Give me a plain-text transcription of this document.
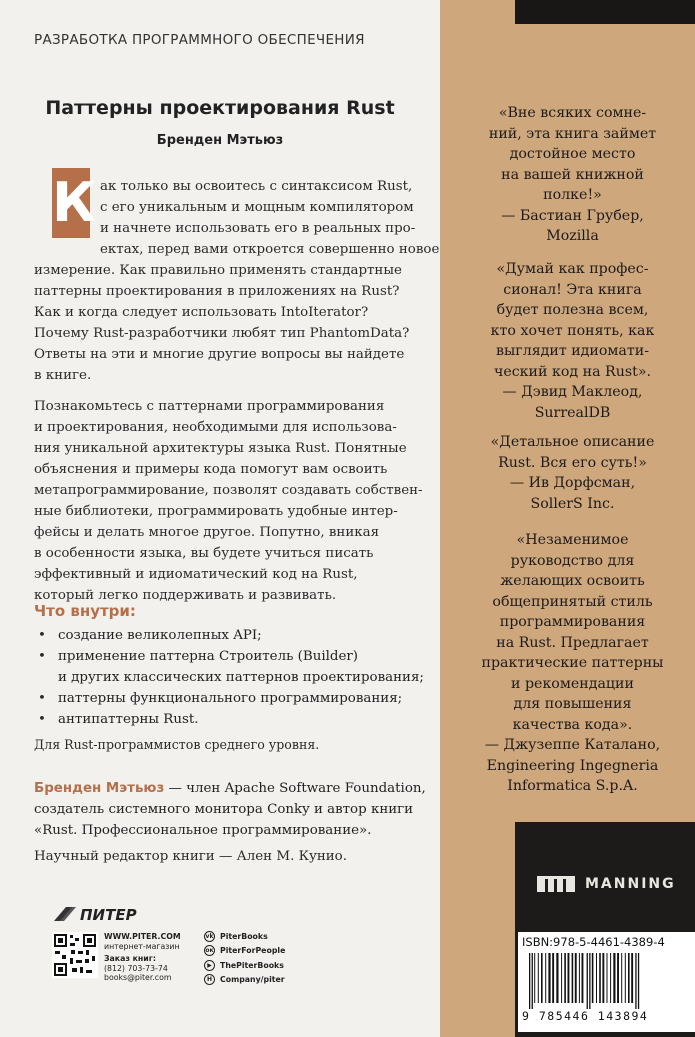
РАЗРАБОТКА ПРОГРАММНОГО ОБЕСПЕЧЕНИЯ
Паттерны проектирования Rust
Бренден Мэтьюз
К ак только вы освоитесь с синтаксисом Rust,
с его уникальным и мощным компилятором
и начнете использовать его в реальных про-
ектах, перед вами откроется совершенно новое
измерение. Как правильно применять стандартные
паттерны проектирования в приложениях на Rust?
Как и когда следует использовать IntoIterator?
Почему Rust-разработчики любят тип PhantomData?
Ответы на эти и многие другие вопросы вы найдете
в книге.
Познакомьтесь с паттернами программирования
и проектирования, необходимыми для использова-
ния уникальной архитектуры языка Rust. Понятные
объяснения и примеры кода помогут вам освоить
метапрограммирование, позволят создавать собствен-
ные библиотеки, программировать удобные интер-
фейсы и делать многое другое. Попутно, вникая
в особенности языка, вы будете учиться писать
эффективный и идиоматический код на Rust,
который легко поддерживать и развивать.
Что внутри:
• создание великолепных API;
• применение паттерна Строитель (Builder)
и других классических паттернов проектирования;
• паттерны функционального программирования;
• антипаттерны Rust.
Для Rust-программистов среднего уровня.
Бренден Мэтьюз — член Apache Software Foundation,
создатель системного монитора Conky и автор книги
«Rust. Профессиональное программирование».
Научный редактор книги — Ален М. Кунио.
ПИТЕР
WWW.PITER.COM
интернет-магазин
Заказ книг:
(812) 703-73-74
books@piter.com
vk PiterBooks
ок PiterForPeople
▶	ThePiterBooks
H	Company/piter
«Вне всяких сомне-
ний, эта книга займет
достойное место
на вашей книжной
полке!»
— Бастиан Грубер,
Mozilla
«Думай как профес-
сионал! Эта книга
будет полезна всем,
кто хочет понять, как
выглядит идиомати-
ческий код на Rust».
— Дэвид Маклеод,
SurrealDB
«Детальное описание
Rust. Вся его суть!»
— Ив Дорфсман,
SollerS Inc.
«Незаменимое
руководство для
желающих освоить
общепринятый стиль
программирования
на Rust. Предлагает
практические паттерны
и рекомендации
для повышения
качества кода».
— Джузеппе Каталано,
Engineering Ingegneria
Informatica S.p.A.
MANNING
ISBN:978-5-4461-4389-4
9 785446 143894
